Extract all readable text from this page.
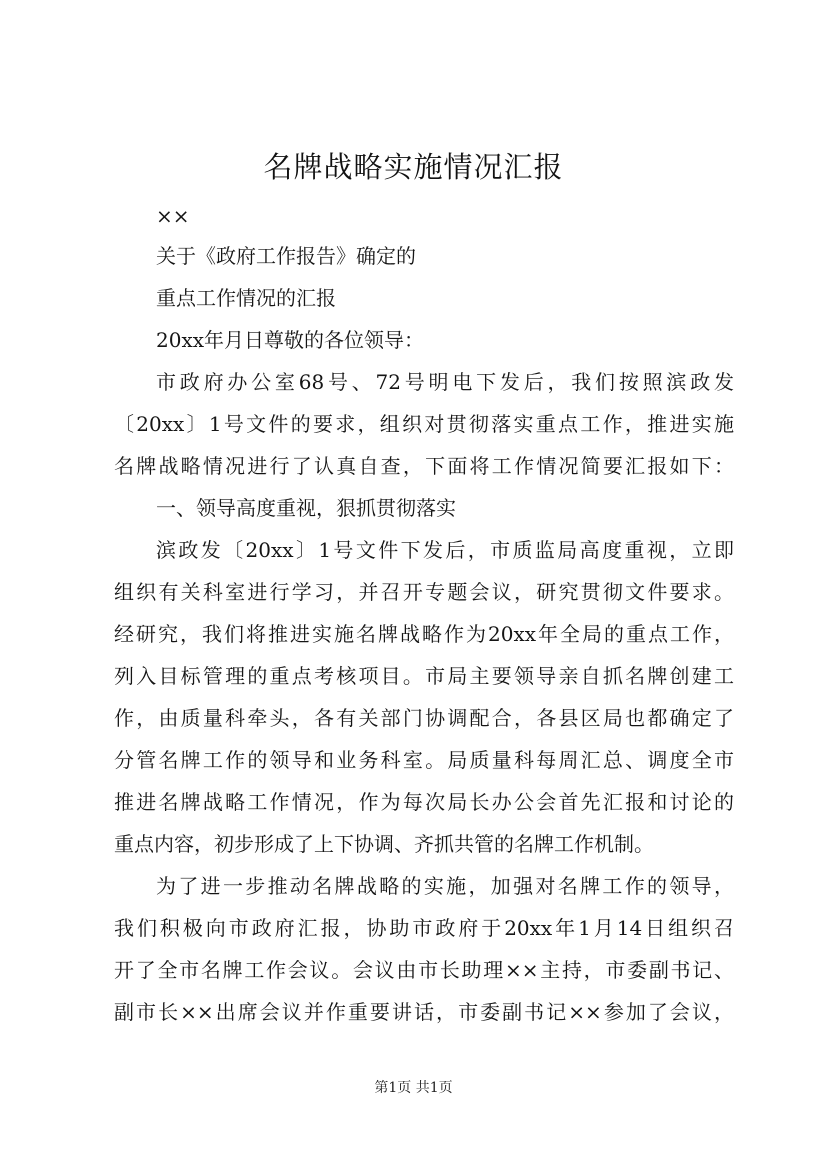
名牌战略实施情况汇报
××
关于《政府工作报告》确定的
重点工作情况的汇报
20xx年月日尊敬的各位领导：
市政府办公室68号、72号明电下发后，我们按照滨政发
〔20xx〕1号文件的要求，组织对贯彻落实重点工作，推进实施
名牌战略情况进行了认真自查，下面将工作情况简要汇报如下：
一、领导高度重视，狠抓贯彻落实
滨政发〔20xx〕1号文件下发后，市质监局高度重视，立即
组织有关科室进行学习，并召开专题会议，研究贯彻文件要求。
经研究，我们将推进实施名牌战略作为20xx年全局的重点工作，
列入目标管理的重点考核项目。市局主要领导亲自抓名牌创建工
作，由质量科牵头，各有关部门协调配合，各县区局也都确定了
分管名牌工作的领导和业务科室。局质量科每周汇总、调度全市
推进名牌战略工作情况，作为每次局长办公会首先汇报和讨论的
重点内容，初步形成了上下协调、齐抓共管的名牌工作机制。
为了进一步推动名牌战略的实施，加强对名牌工作的领导，
我们积极向市政府汇报，协助市政府于20xx年1月14日组织召
开了全市名牌工作会议。会议由市长助理××主持，市委副书记、
副市长××出席会议并作重要讲话，市委副书记××参加了会议，
第1页 共1页
